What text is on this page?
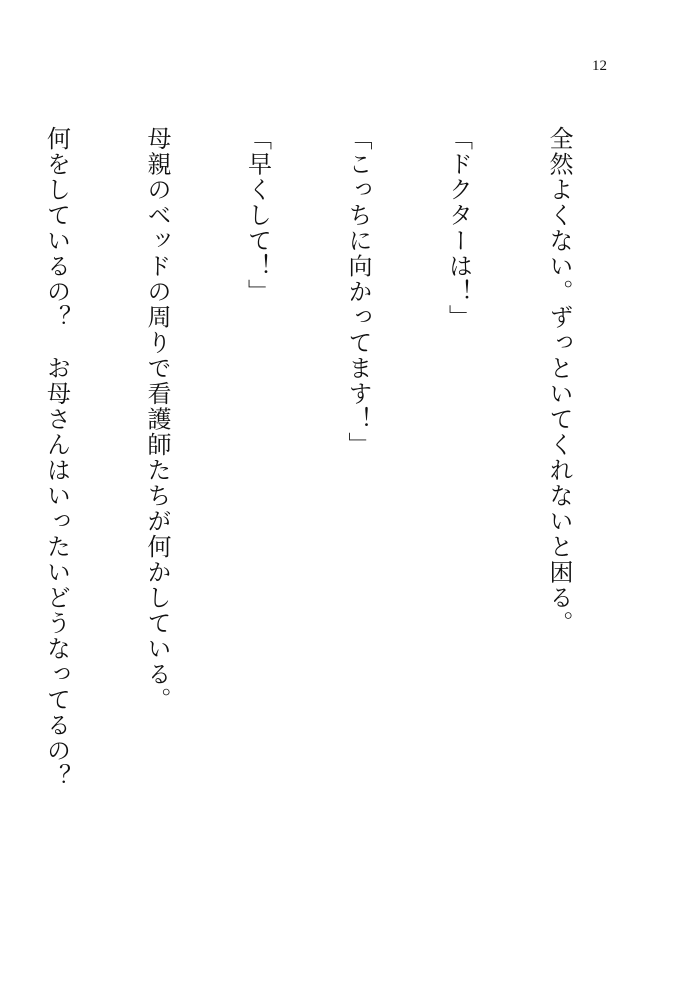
12

全然よくない。ずっといてくれないと困る。

「ドクターは！」

「こっちに向かってます！」

「早くして！」

母親のベッドの周りで看護師たちが何かしている。

何をしているの？　お母さんはいったいどうなってるの？
